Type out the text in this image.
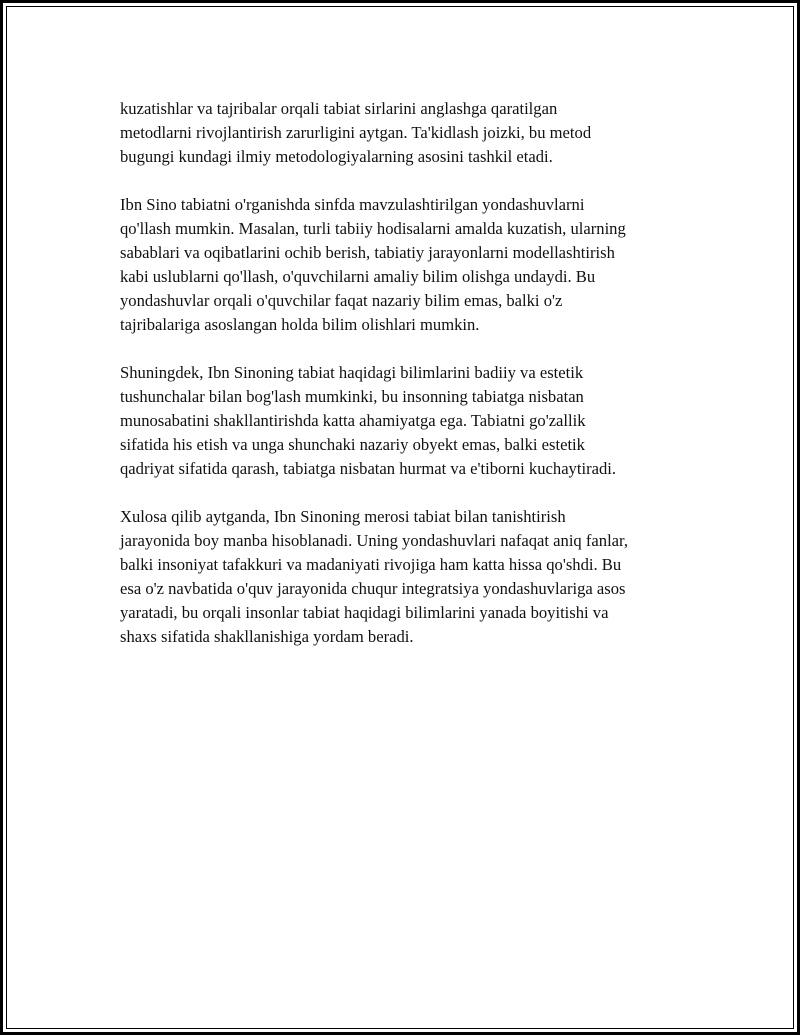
kuzatishlar va tajribalar orqali tabiat sirlarini anglashga qaratilgan
metodlarni rivojlantirish zarurligini aytgan. Ta'kidlash joizki, bu metod
bugungi kundagi ilmiy metodologiyalarning asosini tashkil etadi.

Ibn Sino tabiatni o'rganishda sinfda mavzulashtirilgan yondashuvlarni
qo'llash mumkin. Masalan, turli tabiiy hodisalarni amalda kuzatish, ularning
sabablari va oqibatlarini ochib berish, tabiatiy jarayonlarni modellashtirish
kabi uslublarni qo'llash, o'quvchilarni amaliy bilim olishga undaydi. Bu
yondashuvlar orqali o'quvchilar faqat nazariy bilim emas, balki o'z
tajribalariga asoslangan holda bilim olishlari mumkin.

Shuningdek, Ibn Sinoning tabiat haqidagi bilimlarini badiiy va estetik
tushunchalar bilan bog'lash mumkinki, bu insonning tabiatga nisbatan
munosabatini shakllantirishda katta ahamiyatga ega. Tabiatni go'zallik
sifatida his etish va unga shunchaki nazariy obyekt emas, balki estetik
qadriyat sifatida qarash, tabiatga nisbatan hurmat va e'tiborni kuchaytiradi.

Xulosa qilib aytganda, Ibn Sinoning merosi tabiat bilan tanishtirish
jarayonida boy manba hisoblanadi. Uning yondashuvlari nafaqat aniq fanlar,
balki insoniyat tafakkuri va madaniyati rivojiga ham katta hissa qo'shdi. Bu
esa o'z navbatida o'quv jarayonida chuqur integratsiya yondashuvlariga asos
yaratadi, bu orqali insonlar tabiat haqidagi bilimlarini yanada boyitishi va
shaxs sifatida shakllanishiga yordam beradi.
